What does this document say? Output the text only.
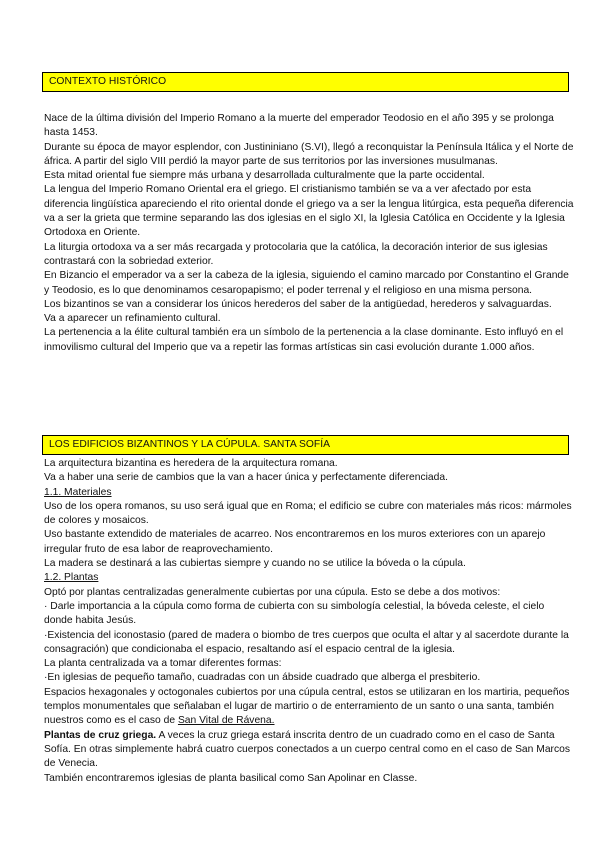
CONTEXTO HISTÓRICO

Nace de la última división del Imperio Romano a la muerte del emperador Teodosio en el año 395 y se prolonga hasta 1453.

Durante su época de mayor esplendor, con Justininiano (S.VI), llegó a reconquistar la Península Itálica y el Norte de áfrica. A partir del siglo VIII perdió la mayor parte de sus territorios por las inversiones musulmanas.

Esta mitad oriental fue siempre más urbana y desarrollada culturalmente que la parte occidental.

La lengua del Imperio Romano Oriental era el griego. El cristianismo también se va a ver afectado por esta diferencia lingüística apareciendo el rito oriental donde el griego va a ser la lengua litúrgica, esta pequeña diferencia va a ser la grieta que termine separando las dos iglesias en el siglo XI, la Iglesia Católica en Occidente y la Iglesia Ortodoxa en Oriente.

La liturgia ortodoxa va a ser más recargada y protocolaria que la católica, la decoración interior de sus iglesias contrastará con la sobriedad exterior.

En Bizancio el emperador va a ser la cabeza de la iglesia, siguiendo el camino marcado por Constantino el Grande y Teodosio, es lo que denominamos cesaropapismo; el poder terrenal y el religioso en una misma persona.

Los bizantinos se van a considerar los únicos herederos del saber de la antigüedad, herederos y salvaguardas.

Va a aparecer un refinamiento cultural.

La pertenencia a la élite cultural también era un símbolo de la pertenencia a la clase dominante. Esto influyó en el inmovilismo cultural del Imperio que va a repetir las formas artísticas sin casi evolución durante 1.000 años.

LOS EDIFICIOS BIZANTINOS Y LA CÚPULA. SANTA SOFÍA

La arquitectura bizantina es heredera de la arquitectura romana.

Va a haber una serie de cambios que la van a hacer única y perfectamente diferenciada.

1.1. Materiales

Uso de los opera romanos, su uso será igual que en Roma; el edificio se cubre con materiales más ricos: mármoles de colores y mosaicos.

Uso bastante extendido de materiales de acarreo. Nos encontraremos en los muros exteriores con un aparejo irregular fruto de esa labor de reaprovechamiento.

La madera se destinará a las cubiertas siempre y cuando no se utilice la bóveda o la cúpula.

1.2. Plantas

Optó por plantas centralizadas generalmente cubiertas por una cúpula. Esto se debe a dos motivos:

· Darle importancia a la cúpula como forma de cubierta con su simbología celestial, la bóveda celeste, el cielo donde habita Jesús.

·Existencia del iconostasio (pared de madera o biombo de tres cuerpos que oculta el altar y al sacerdote durante la consagración) que condicionaba el espacio, resaltando así el espacio central de la iglesia.

La planta centralizada va a tomar diferentes formas:

·En iglesias de pequeño tamaño, cuadradas con un ábside cuadrado que alberga el presbiterio.

Espacios hexagonales y octogonales cubiertos por una cúpula central, estos se utilizaran en los martiria, pequeños templos monumentales que señalaban el lugar de martirio o de enterramiento de un santo o una santa, también nuestros como es el caso de San Vital de Rávena.

Plantas de cruz griega. A veces la cruz griega estará inscrita dentro de un cuadrado como en el caso de Santa Sofía. En otras simplemente habrá cuatro cuerpos conectados a un cuerpo central como en el caso de San Marcos de Venecia.

También encontraremos iglesias de planta basilical como San Apolinar en Classe.
